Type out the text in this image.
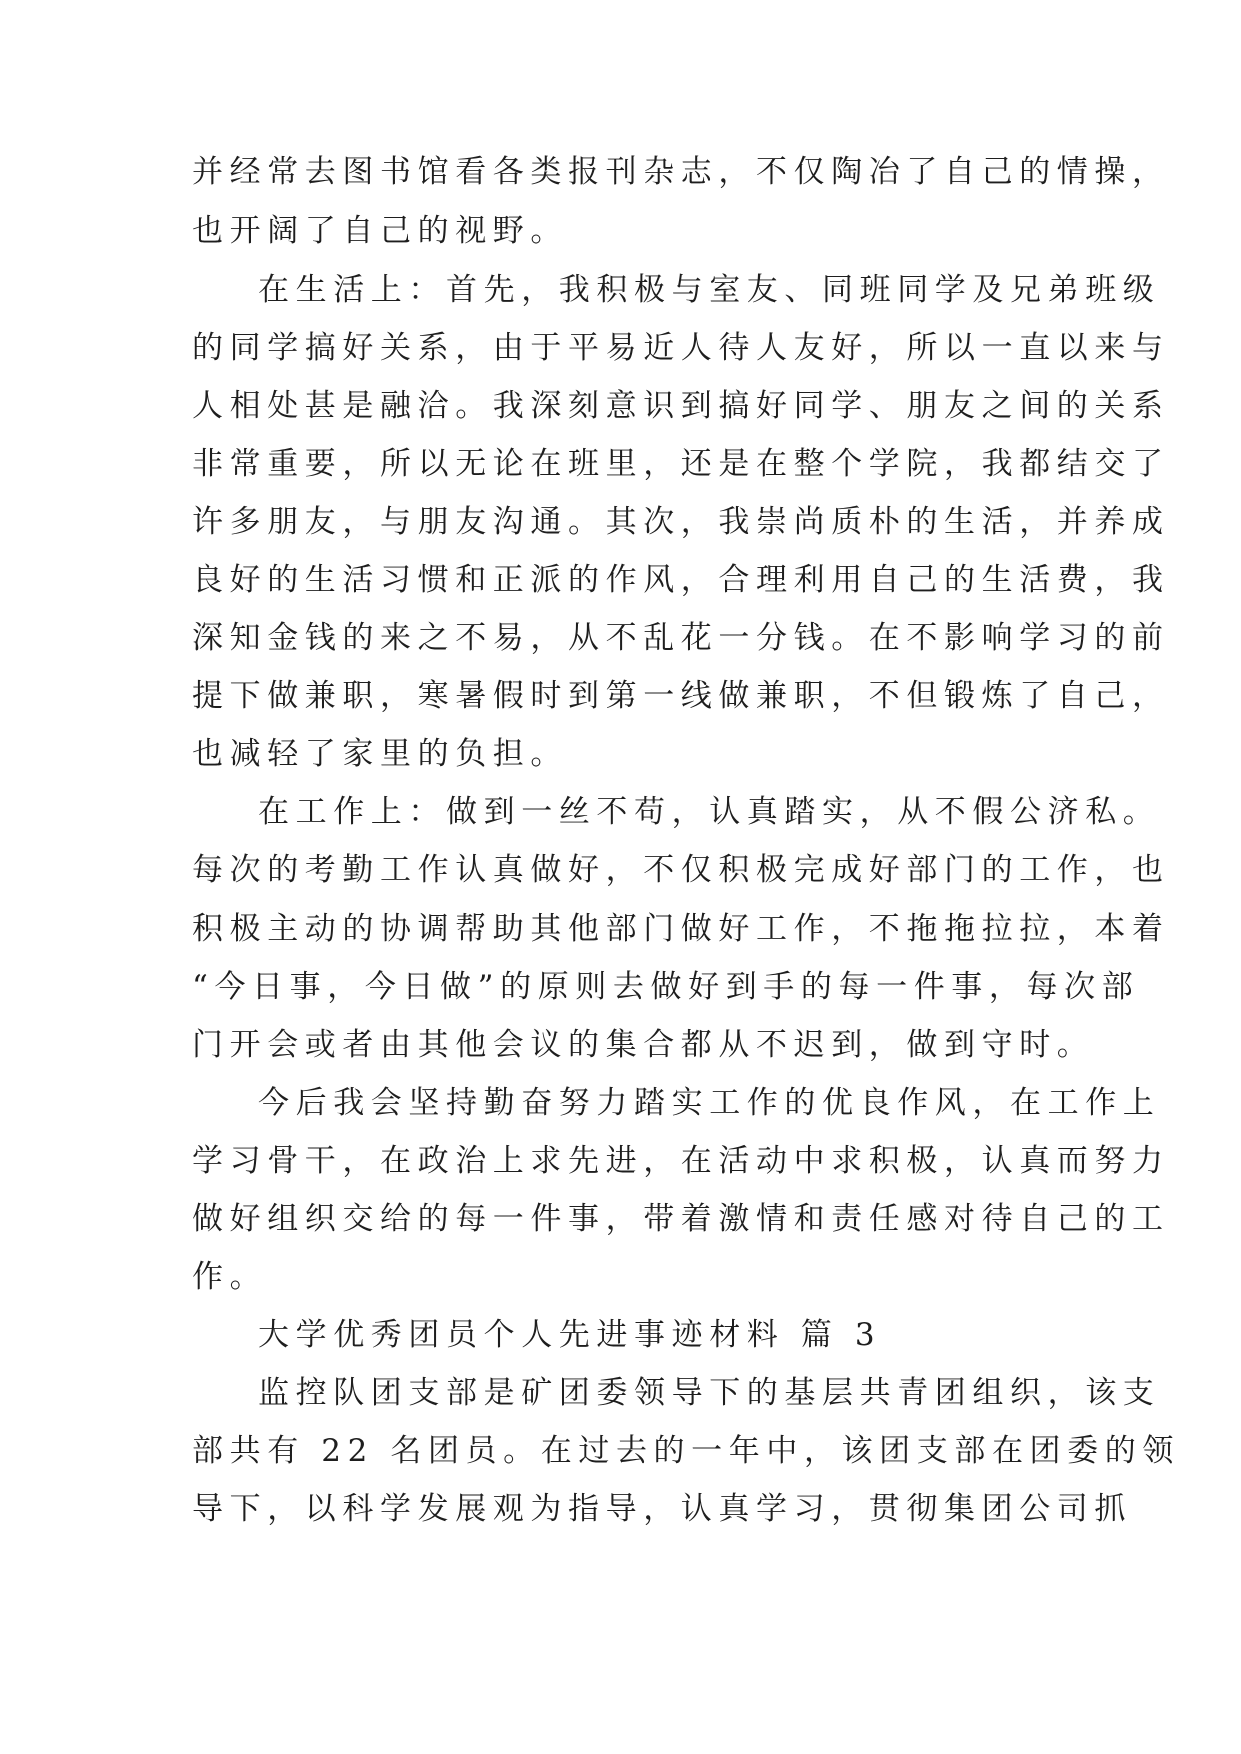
并经常去图书馆看各类报刊杂志，不仅陶冶了自己的情操，
也开阔了自己的视野。
在生活上：首先，我积极与室友、同班同学及兄弟班级
的同学搞好关系，由于平易近人待人友好，所以一直以来与
人相处甚是融洽。我深刻意识到搞好同学、朋友之间的关系
非常重要，所以无论在班里，还是在整个学院，我都结交了
许多朋友，与朋友沟通。其次，我崇尚质朴的生活，并养成
良好的生活习惯和正派的作风，合理利用自己的生活费，我
深知金钱的来之不易，从不乱花一分钱。在不影响学习的前
提下做兼职，寒暑假时到第一线做兼职，不但锻炼了自己，
也减轻了家里的负担。
在工作上：做到一丝不苟，认真踏实，从不假公济私。
每次的考勤工作认真做好，不仅积极完成好部门的工作，也
积极主动的协调帮助其他部门做好工作，不拖拖拉拉，本着
“今日事，今日做”的原则去做好到手的每一件事，每次部
门开会或者由其他会议的集合都从不迟到，做到守时。
今后我会坚持勤奋努力踏实工作的优良作风，在工作上
学习骨干，在政治上求先进，在活动中求积极，认真而努力
做好组织交给的每一件事，带着激情和责任感对待自己的工
作。
大学优秀团员个人先进事迹材料 篇 3
监控队团支部是矿团委领导下的基层共青团组织，该支
部共有 22 名团员。在过去的一年中，该团支部在团委的领
导下，以科学发展观为指导，认真学习，贯彻集团公司抓
